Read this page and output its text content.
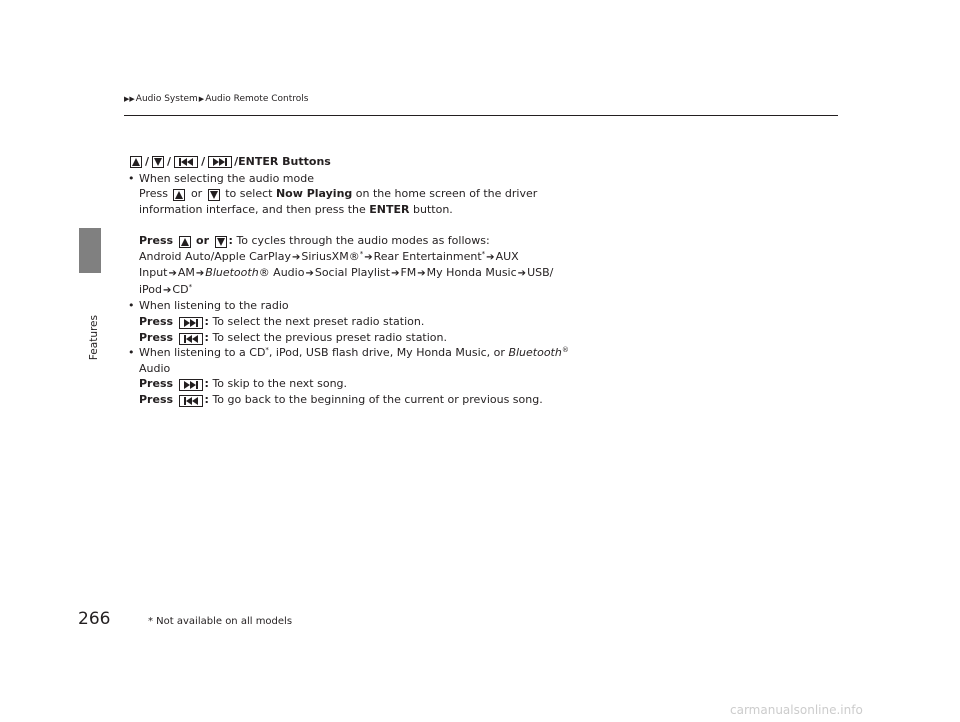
Features
▶▶ Audio System ▶ Audio Remote Controls
/ /	/	/ENTER Buttons
• When selecting the audio mode
Press or to select Now Playing on the home screen of the driver
information interface, and then press the ENTER button.
Press or : To cycles through the audio modes as follows:
Android Auto/Apple CarPlay➔SiriusXM®*➔Rear Entertainment*➔AUX
Input➔AM➔Bluetooth® Audio➔Social Playlist➔FM➔My Honda Music➔USB/
iPod➔CD*
• When listening to the radio
Press	: To select the next preset radio station.
Press	: To select the previous preset radio station.
• When listening to a CD*, iPod, USB flash drive, My Honda Music, or Bluetooth®
Audio
Press	: To skip to the next song.
Press	: To go back to the beginning of the current or previous song.
266	* Not available on all models
carmanualsonline.info
